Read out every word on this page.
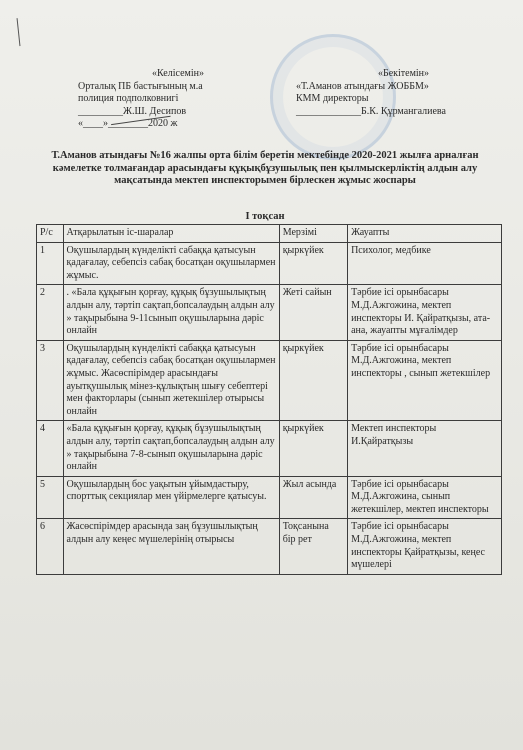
«Келісемін»
Орталық ПБ бастығының м.а
полиция подполковнигі
_________Ж.Ш. Десипов
«____»________2020 ж
«Бекітемін»
«Т.Аманов атындағы ЖОББМ»
КММ директоры
_____________Б.К. Құрмангалиева
Т.Аманов атындағы №16 жалпы орта білім беретін мектебінде 2020-2021 жылға арналған кәмелетке толмағандар арасындағы құқықбұзушылық пен қылмыскерліктің алдын алу мақсатында мектеп инспекторымен бірлескен жұмыс жоспары
I тоқсан
Р/с	Атқарылатын іс-шаралар	Мерзімі	Жауапты
1	Оқушылардың күнделікті сабаққа қатысуын қадағалау, себепсіз сабақ босатқан оқушылармен жұмыс.	қыркүйек	Психолог, медбике
2	. «Бала құқығын қорғау, құқық бұзушылықтың алдын алу, тәртіп сақтап,бопсалаудың алдын алу » тақырыбына 9-11сынып оқушыларына дәріс онлайн	Жеті сайын	Тәрбие ісі орынбасары М.Д.Ажгожина, мектеп инспекторы И. Қайратқызы, ата-ана, жауапты мұғалімдер
3	Оқушылардың күнделікті сабаққа қатысуын қадағалау, себепсіз сабақ босатқан оқушылармен жұмыс. Жасөспірімдер арасындағы ауытқушылық мінез-құлықтың шығу себептері мен факторлары (сынып жетекшілер отырысы онлайн	қыркүйек	Тәрбие ісі орынбасары М.Д.Ажгожина, мектеп инспекторы , сынып жетекшілер
4	«Бала құқығын қорғау, құқық бұзушылықтың алдын алу, тәртіп сақтап,бопсалаудың алдын алу » тақырыбына 7-8-сынып оқушыларына дәріс онлайн	қыркүйек	Мектеп инспекторы И.Қайратқызы
5	Оқушылардың бос уақытын ұйымдастыру, спорттық секциялар мен үйірмелерге қатысуы.	Жыл асында	Тәрбие ісі орынбасары М.Д.Ажгожина, сынып жетекшілер, мектеп инспекторы
6	Жасөспірімдер арасында заң бұзушылықтың алдын алу кеңес мүшелерінің отырысы	Тоқсанына бір рет	Тәрбие ісі орынбасары М.Д.Ажгожина, мектеп инспекторы Қайратқызы, кеңес мүшелері
